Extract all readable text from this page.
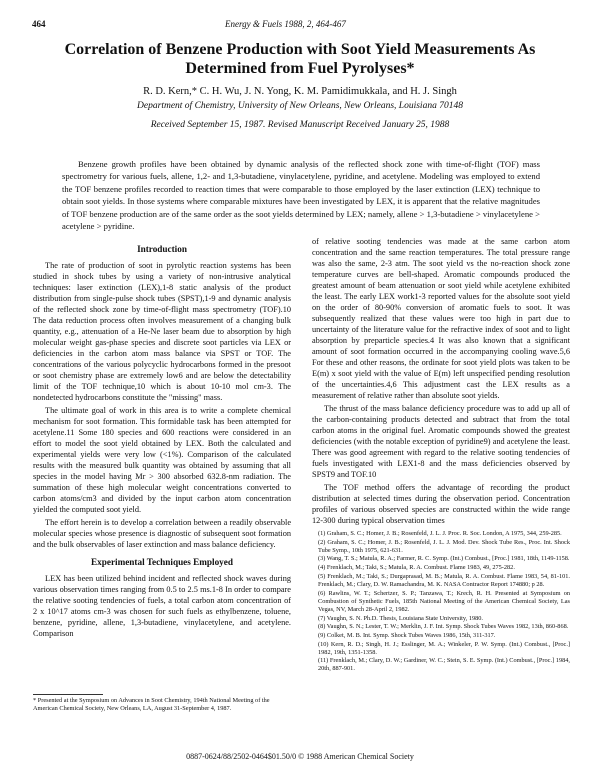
464	Energy & Fuels 1988, 2, 464-467
Correlation of Benzene Production with Soot Yield Measurements As Determined from Fuel Pyrolyses*
R. D. Kern,* C. H. Wu, J. N. Yong, K. M. Pamidimukkala, and H. J. Singh
Department of Chemistry, University of New Orleans, New Orleans, Louisiana 70148
Received September 15, 1987. Revised Manuscript Received January 25, 1988
Benzene growth profiles have been obtained by dynamic analysis of the reflected shock zone with time-of-flight (TOF) mass spectrometry for various fuels, allene, 1,2- and 1,3-butadiene, vinylacetylene, pyridine, and acetylene. Modeling was employed to extend the TOF benzene profiles recorded to reaction times that were comparable to those employed by the laser extinction (LEX) technique to obtain soot yields. In those systems where comparable mixtures have been investigated by LEX, it is apparent that the relative magnitudes of TOF benzene production are of the same order as the soot yields determined by LEX; namely, allene > 1,3-butadiene > vinylacetylene > acetylene > pyridine.
Introduction

The rate of production of soot in pyrolytic reaction systems has been studied in shock tubes by using a variety of non-intrusive analytical techniques: laser extinction (LEX),1-8 static analysis of the product distribution from single-pulse shock tubes (SPST),1-9 and dynamic analysis of the reflected shock zone by time-of-flight mass spectrometry (TOF).10 The data reduction process often involves measurement of a changing bulk quantity, e.g., attenuation of a He-Ne laser beam due to absorption by high molecular weight gas-phase species and discrete soot particles via LEX or deficiencies in the carbon atom mass balance via SPST or TOF. The concentrations of the various polycyclic hydrocarbons formed in the presoot or soot chemistry phase are extremely low6 and are below the detectability limit of the TOF technique,10 which is about 10-10 mol cm-3. The nondetected hydrocarbons constitute the "missing" mass.

The ultimate goal of work in this area is to write a complete chemical mechanism for soot formation. This formidable task has been attempted for acetylene.11 Some 180 species and 600 reactions were considered in an effort to model the soot yield obtained by LEX. Both the calculated and experimental yields were very low (<1%). Comparison of the calculated results with the measured bulk quantity was obtained by assuming that all species in the model having Mr > 300 absorbed 632.8-nm radiation. The summation of these high molecular weight concentrations converted to carbon atoms/cm3 and divided by the input carbon atom concentration yielded the computed soot yield.

The effort herein is to develop a correlation between a readily observable molecular species whose presence is diagnostic of subsequent soot formation and the bulk observables of laser extinction and mass balance deficiency.

Experimental Techniques Employed

LEX has been utilized behind incident and reflected shock waves during various observation times ranging from 0.5 to 2.5 ms.1-8 In order to compare the relative sooting tendencies of fuels, a total carbon atom concentration of 2 x 10^17 atoms cm-3 was chosen for such fuels as ethylbenzene, toluene, benzene, pyridine, allene, 1,3-butadiene, vinylacetylene, and acetylene. Comparison

of relative sooting tendencies was made at the same carbon atom concentration and the same reaction temperatures. The total pressure range was also the same, 2-3 atm. The soot yield vs the no-reaction shock zone temperature curves are bell-shaped. Aromatic compounds produced the greatest amount of beam attenuation or soot yield while acetylene exhibited the least. The early LEX work1-3 reported values for the absolute soot yield on the order of 80-90% conversion of aromatic fuels to soot. It was subsequently realized that these values were too high in part due to uncertainty of the literature value for the refractive index of soot and to light absorption by preparticle species.4 It was also known that a significant amount of soot formation occurred in the accompanying cooling wave.5,6 For these and other reasons, the ordinate for soot yield plots was taken to be E(m) x soot yield with the value of E(m) left unspecified pending resolution of the uncertainties.4,6 This adjustment cast the LEX results as a measurement of relative rather than absolute soot yields.

The thrust of the mass balance deficiency procedure was to add up all of the carbon-containing products detected and subtract that from the total carbon atoms in the original fuel. Aromatic compounds showed the greatest deficiencies (with the notable exception of pyridine9) and acetylene the least. There was good agreement with regard to the relative sooting tendencies of fuels investigated with LEX1-8 and the mass deficiencies observed by SPST9 and TOF.10

The TOF method offers the advantage of recording the product distribution at selected times during the observation period. Concentration profiles of various observed species are constructed within the wide range 12-300 during typical observation times

(1) Graham, S. C.; Homer, J. B.; Rosenfeld, J. L. J. Proc. R. Soc. London, A 1975, 344, 259-285.

(2) Graham, S. C.; Homer, J. B.; Rosenfeld, J. L. J. Mod. Dev. Shock Tube Res., Proc. Int. Shock Tube Symp., 10th 1975, 621-631.

(3) Wang, T. S.; Matula, R. A.; Farmer, R. C. Symp. (Int.) Combust., [Proc.] 1981, 18th, 1149-1158.

(4) Frenklach, M.; Taki, S.; Matula, R. A. Combust. Flame 1983, 49, 275-282.

(5) Frenklach, M.; Taki, S.; Durgaprasad, M. B.; Matula, R. A. Combust. Flame 1983, 54, 81-101. Frenklach, M.; Clary, D. W. Ramachandra, M. K. NASA Contractor Report 174880; p 28.

(6) Rawlins, W. T.; Schertzer, S. P.; Tanzawa, T.; Krech, R. H. Presented at Symposium on Combustion of Synthetic Fuels, 185th National Meeting of the American Chemical Society, Las Vegas, NV, March 28-April 2, 1982.

(7) Vaughn, S. N. Ph.D. Thesis, Louisiana State University, 1980.

(8) Vaughn, S. N.; Lester, T. W.; Merklin, J. F. Int. Symp. Shock Tubes Waves 1982, 13th, 860-868.

(9) Colket, M. B. Int. Symp. Shock Tubes Waves 1986, 15th, 311-317.

(10) Kern, R. D.; Singh, H. J.; Esslinger, M. A.; Winkeler, P. W. Symp. (Int.) Combust., [Proc.] 1982, 19th, 1351-1358.

(11) Frenklach, M.; Clary, D. W.; Gardiner, W. C.; Stein, S. E. Symp. (Int.) Combust., [Proc.] 1984, 20th, 887-901.

* Presented at the Symposium on Advances in Soot Chemistry, 194th National Meeting of the American Chemical Society, New Orleans, LA, August 31-September 4, 1987.
0887-0624/88/2502-0464$01.50/0 © 1988 American Chemical Society
